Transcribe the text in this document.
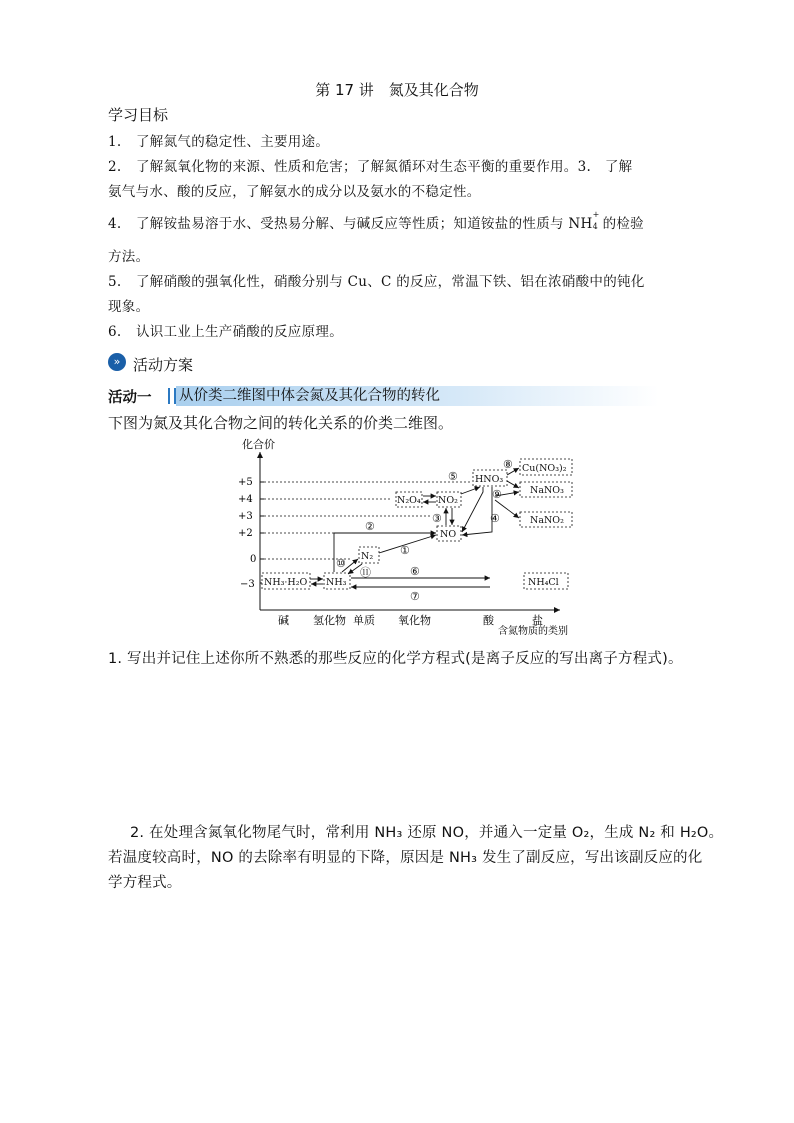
第 17 讲　氮及其化合物
学习目标
1. 了解氮气的稳定性、主要用途。
2. 了解氮氧化物的来源、性质和危害；了解氮循环对生态平衡的重要作用。3.　了解
氨气与水、酸的反应，了解氨水的成分以及氨水的不稳定性。
4. 了解铵盐易溶于水、受热易分解、与碱反应等性质；知道铵盐的性质与 NH
+
4 的检验
方法。
5. 了解硝酸的强氧化性，硝酸分别与 Cu、C 的反应，常温下铁、铝在浓硝酸中的钝化
现象。
6. 认识工业上生产硝酸的反应原理。
» 活动方案
活动一 从价类二维图中体会氮及其化合物的转化
下图为氮及其化合物之间的转化关系的价类二维图。
化合价
含氮物质的类别
+5
+4
+3
+2
0
−3
碱 氢化物 单质 氧化物	酸	盐
NH₃·H₂O NH₃
N₂
NO
NO₂
N₂O₄
HNO₃
Cu(NO₃)₂
NaNO₃
NaNO₂
NH₄Cl
①
②
③	④
⑤
⑥
⑦
⑧
⑨
⑩
⑪
1. 写出并记住上述你所不熟悉的那些反应的化学方程式(是离子反应的写出离子方程式)。
2. 在处理含氮氧化物尾气时，常利用 NH₃ 还原 NO，并通入一定量 O₂，生成 N₂ 和 H₂O。
若温度较高时，NO 的去除率有明显的下降，原因是 NH₃ 发生了副反应，写出该副反应的化
学方程式。
